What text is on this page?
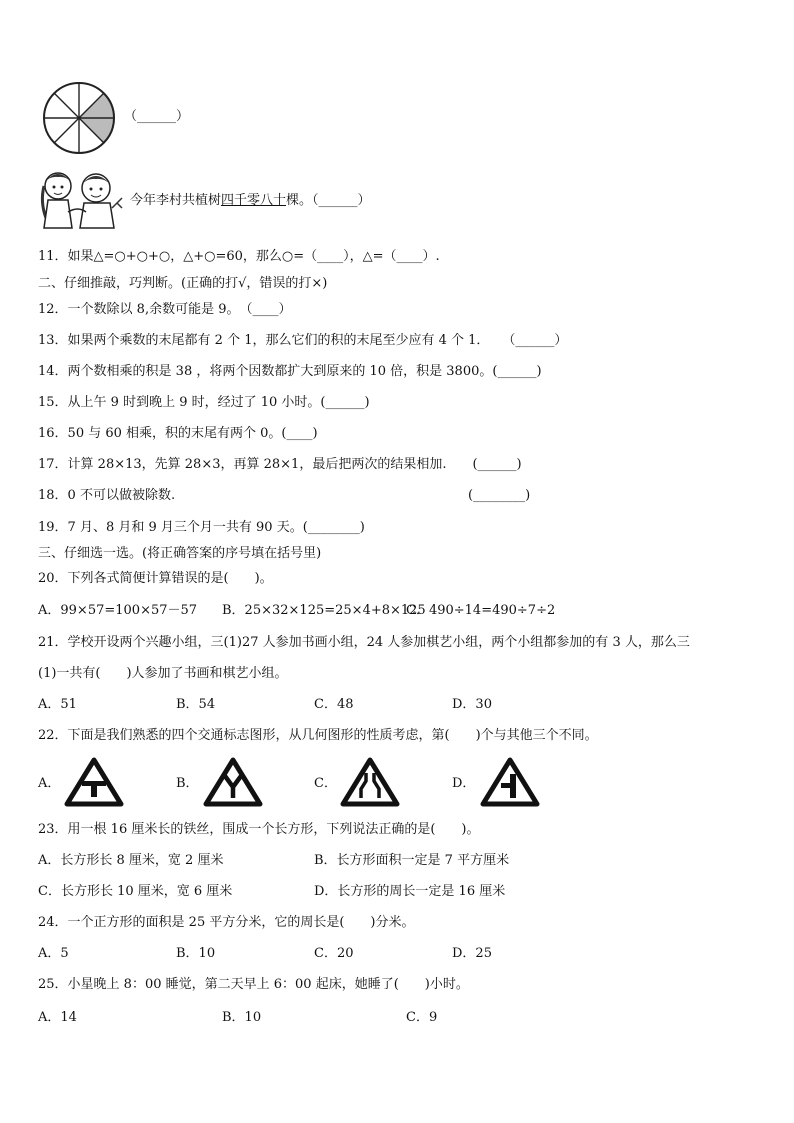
（______）
今年李村共植树四千零八十棵。（______）
11．如果△=○+○+○，△+○=60，那么○=（____），△=（____）.
二、仔细推敲，巧判断。(正确的打√，错误的打×)
12．一个数除以 8,余数可能是 9。　（____）
13．如果两个乘数的末尾都有 2 个 1，那么它们的积的末尾至少应有 4 个 1．　　（______）
14．两个数相乘的积是 38 ，将两个因数都扩大到原来的 10 倍，积是 3800。(______)
15．从上午 9 时到晚上 9 时，经过了 10 小时。(______)
16．50 与 60 相乘，积的末尾有两个 0。(____)
17．计算 28×13，先算 28×3，再算 28×1，最后把两次的结果相加.　　(______)
18．0 不可以做被除数.	(________)
19．7 月、8 月和 9 月三个月一共有 90 天。(________)
三、仔细选一选。(将正确答案的序号填在括号里)
20．下列各式简便计算错误的是(　　)。
A．99×57=100×57－57 B．25×32×125=25×4+8×125
C．490÷14=490÷7÷2
21．学校开设两个兴趣小组，三(1)27 人参加书画小组，24 人参加棋艺小组，两个小组都参加的有 3 人，那么三
(1)一共有(　　)人参加了书画和棋艺小组。
A．51	B．54	C．48	D．30
22．下面是我们熟悉的四个交通标志图形，从几何图形的性质考虑，第(　　)个与其他三个不同。
A．	B．	C．	D．
23．用一根 16 厘米长的铁丝，围成一个长方形，下列说法正确的是(　　)。
A．长方形长 8 厘米，宽 2 厘米	B．长方形面积一定是 7 平方厘米
C．长方形长 10 厘米，宽 6 厘米	D．长方形的周长一定是 16 厘米
24．一个正方形的面积是 25 平方分米，它的周长是(　　)分米。
A．5	B．10	C．20	D．25
25．小星晚上 8：00 睡觉，第二天早上 6：00 起床，她睡了(　　)小时。
A．14	B．10	C．9
